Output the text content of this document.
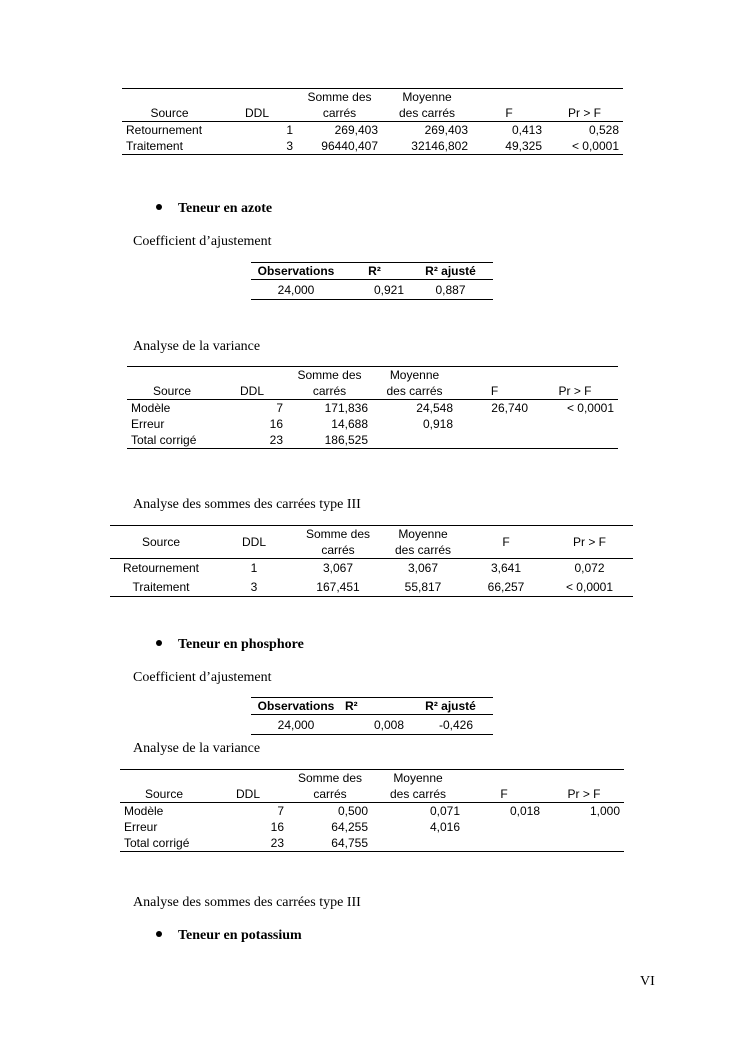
		Somme des	Moyenne		
Source	DDL	carrés	des carrés	F	Pr > F
Retournement	1	269,403	269,403	0,413	0,528
Traitement	3	96440,407	32146,802	49,325	< 0,0001
Teneur en azote
Coefficient d’ajustement
Observations	R²	R² ajusté
24,000	0,921	0,887
Analyse de la variance
		Somme des	Moyenne		
Source	DDL	carrés	des carrés	F	Pr > F
Modèle	7	171,836	24,548	26,740	< 0,0001
Erreur	16	14,688	0,918		
Total corrigé	23	186,525			
Analyse des sommes des carrées type III
Source	DDL	Somme des	Moyenne	F	Pr > F
		carrés	des carrés		
Retournement	1	3,067	3,067	3,641	0,072
Traitement	3	167,451	55,817	66,257	< 0,0001
Teneur en phosphore
Coefficient d’ajustement
Observations	R²	R² ajusté
24,000	0,008	-0,426
Analyse de la variance
		Somme des	Moyenne		
Source	DDL	carrés	des carrés	F	Pr > F
Modèle	7	0,500	0,071	0,018	1,000
Erreur	16	64,255	4,016		
Total corrigé	23	64,755			
Analyse des sommes des carrées type III
Teneur en potassium
VI
